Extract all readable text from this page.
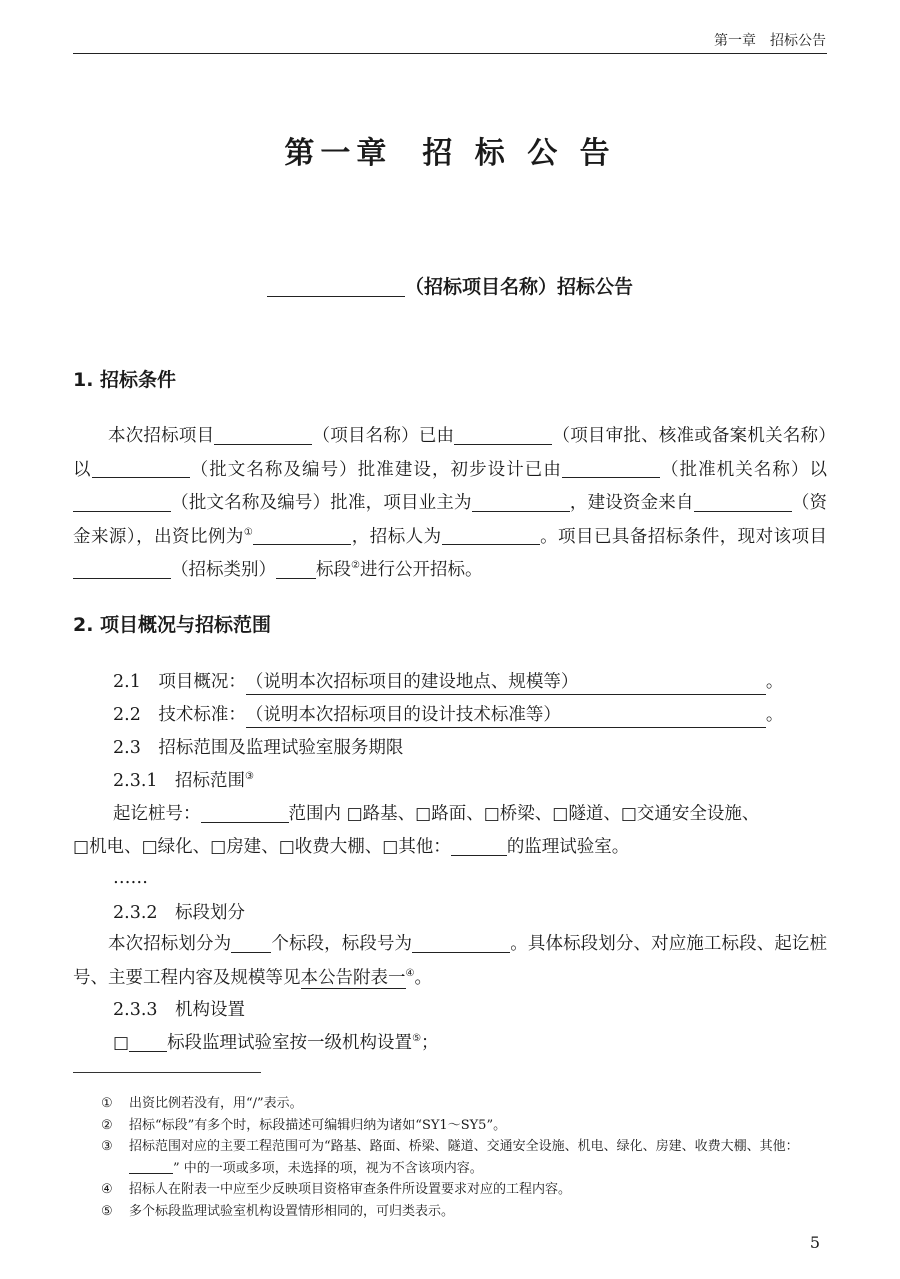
第一章　招标公告
第一章 招 标 公 告
（招标项目名称）招标公告
1. 招标条件
本次招标项目	（项目名称）已由	（项目审批、核准或备案机关名称）以	（批文名称及编号）批准建设，初步设计已由	（批准机关名称）以（批文名称及编号）批准，项目业主为	，建设资金来自	（资金来源），出资比例为①	，招标人为	。项目已具备招标条件，现对该项目（招标类别） 标段②进行公开招标。
2. 项目概况与招标范围
2.1　项目概况：（说明本次招标项目的建设地点、规模等）	。
2.2　技术标准：（说明本次招标项目的设计技术标准等）	。
2.3　招标范围及监理试验室服务期限
2.3.1　招标范围③
起讫桩号：	范围内 □路基、□路面、□桥梁、□隧道、□交通安全设施、
□机电、□绿化、□房建、□收费大棚、□其他：	的监理试验室。
……
2.3.2　标段划分
本次招标划分为 个标段，标段号为	。具体标段划分、对应施工标段、起讫桩号、主要工程内容及规模等见本公告附表一④。
2.3.3　机构设置
□ 标段监理试验室按一级机构设置⑤；
①	出资比例若没有，用“/”表示。
②	招标“标段”有多个时，标段描述可编辑归纳为诸如“SY1～SY5”。
③	招标范围对应的主要工程范围可为“路基、路面、桥梁、隧道、交通安全设施、机电、绿化、房建、收费大棚、其他：” 中的一项或多项，未选择的项，视为不含该项内容。
④	招标人在附表一中应至少反映项目资格审查条件所设置要求对应的工程内容。
⑤	多个标段监理试验室机构设置情形相同的，可归类表示。
5
